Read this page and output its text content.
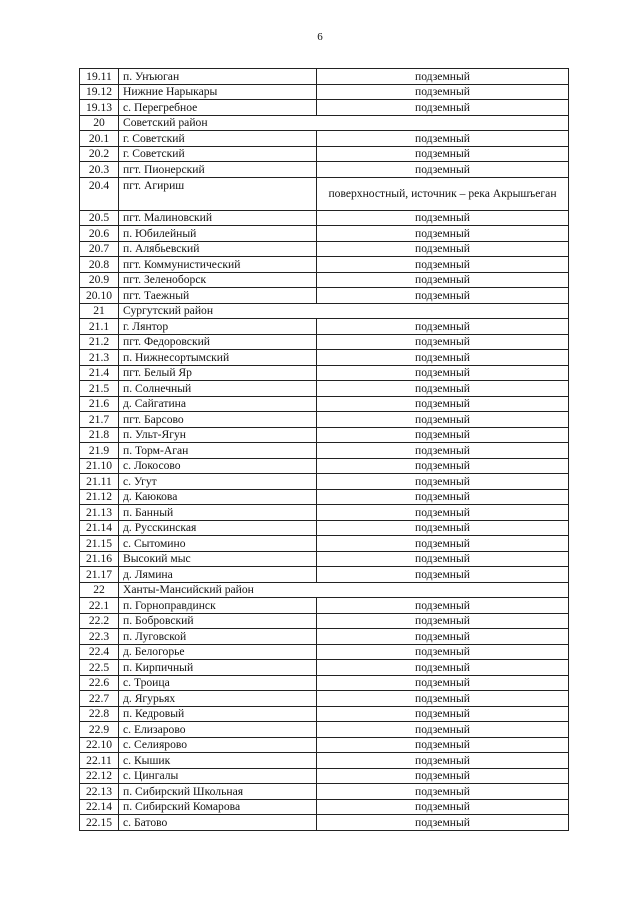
6
19.11	п. Унъюган	подземный
19.12	Нижние Нарыкары	подземный
19.13	с. Перегребное	подземный
20	Советский район	
20.1	г. Советский	подземный
20.2	г. Советский	подземный
20.3	пгт. Пионерский	подземный
20.4	пгт. Агириш	поверхностный, источник – река Акрышъеган
20.5	пгт. Малиновский	подземный
20.6	п. Юбилейный	подземный
20.7	п. Алябьевский	подземный
20.8	пгт. Коммунистический	подземный
20.9	пгт. Зеленоборск	подземный
20.10	пгт. Таежный	подземный
21	Сургутский район	
21.1	г. Лянтор	подземный
21.2	пгт. Федоровский	подземный
21.3	п. Нижнесортымский	подземный
21.4	пгт. Белый Яр	подземный
21.5	п. Солнечный	подземный
21.6	д. Сайгатина	подземный
21.7	пгт. Барсово	подземный
21.8	п. Ульт-Ягун	подземный
21.9	п. Торм-Аган	подземный
21.10	с. Локосово	подземный
21.11	с. Угут	подземный
21.12	д. Каюкова	подземный
21.13	п. Банный	подземный
21.14	д. Русскинская	подземный
21.15	с. Сытомино	подземный
21.16	Высокий мыс	подземный
21.17	д. Лямина	подземный
22	Ханты-Мансийский район	
22.1	п. Горноправдинск	подземный
22.2	п. Бобровский	подземный
22.3	п. Луговской	подземный
22.4	д. Белогорье	подземный
22.5	п. Кирпичный	подземный
22.6	с. Троица	подземный
22.7	д. Ягурьях	подземный
22.8	п. Кедровый	подземный
22.9	с. Елизарово	подземный
22.10	с. Селиярово	подземный
22.11	с. Кышик	подземный
22.12	с. Цингалы	подземный
22.13	п. Сибирский Школьная	подземный
22.14	п. Сибирский Комарова	подземный
22.15	с. Батово	подземный
